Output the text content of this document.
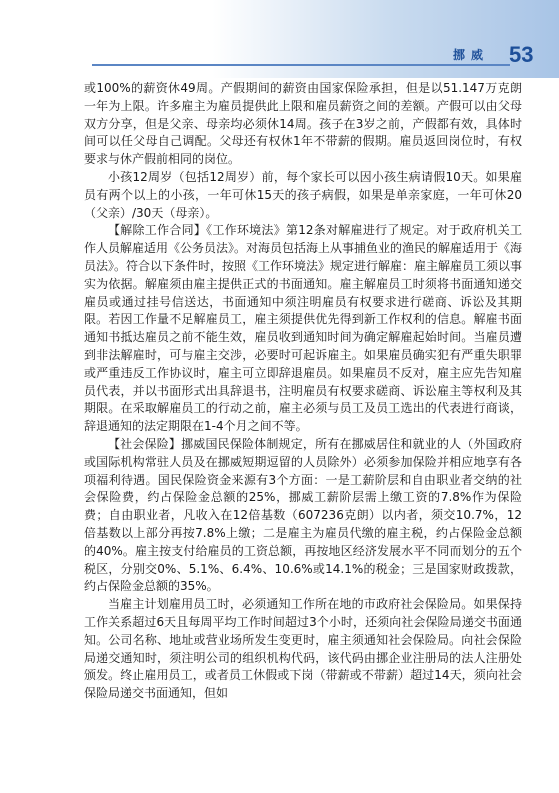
挪威 53

或100%的薪资休49周。产假期间的薪资由国家保险承担，但是以51.147万克朗一年为上限。许多雇主为雇员提供此上限和雇员薪资之间的差额。产假可以由父母双方分享，但是父亲、母亲均必须休14周。孩子在3岁之前，产假都有效，具体时间可以任父母自己调配。父母还有权休1年不带薪的假期。雇员返回岗位时，有权要求与休产假前相同的岗位。

小孩12周岁（包括12周岁）前，每个家长可以因小孩生病请假10天。如果雇员有两个以上的小孩，一年可休15天的孩子病假，如果是单亲家庭，一年可休20（父亲）/30天（母亲）。

【解除工作合同】《工作环境法》第12条对解雇进行了规定。对于政府机关工作人员解雇适用《公务员法》。对海员包括海上从事捕鱼业的渔民的解雇适用于《海员法》。符合以下条件时，按照《工作环境法》规定进行解雇：雇主解雇员工须以事实为依据。解雇须由雇主提供正式的书面通知。雇主解雇员工时须将书面通知递交雇员或通过挂号信送达，书面通知中须注明雇员有权要求进行磋商、诉讼及其期限。若因工作量不足解雇员工，雇主须提供优先得到新工作权利的信息。解雇书面通知书抵达雇员之前不能生效，雇员收到通知时间为确定解雇起始时间。当雇员遭到非法解雇时，可与雇主交涉，必要时可起诉雇主。如果雇员确实犯有严重失职罪或严重违反工作协议时，雇主可立即辞退雇员。如果雇员不反对，雇主应先告知雇员代表，并以书面形式出具辞退书，注明雇员有权要求磋商、诉讼雇主等权利及其期限。在采取解雇员工的行动之前，雇主必须与员工及员工选出的代表进行商谈，辞退通知的法定期限在1-4个月之间不等。

【社会保险】挪威国民保险体制规定，所有在挪威居住和就业的人（外国政府或国际机构常驻人员及在挪威短期逗留的人员除外）必须参加保险并相应地享有各项福利待遇。国民保险资金来源有3个方面：一是工薪阶层和自由职业者交纳的社会保险费，约占保险金总额的25%，挪威工薪阶层需上缴工资的7.8%作为保险费；自由职业者，凡收入在12倍基数（607236克朗）以内者，须交10.7%，12倍基数以上部分再按7.8%上缴；二是雇主为雇员代缴的雇主税，约占保险金总额的40%。雇主按支付给雇员的工资总额，再按地区经济发展水平不同而划分的五个税区，分别交0%、5.1%、6.4%、10.6%或14.1%的税金；三是国家财政拨款，约占保险金总额的35%。

当雇主计划雇用员工时，必须通知工作所在地的市政府社会保险局。如果保持工作关系超过6天且每周平均工作时间超过3个小时，还须向社会保险局递交书面通知。公司名称、地址或营业场所发生变更时，雇主须通知社会保险局。向社会保险局递交通知时，须注明公司的组织机构代码，该代码由挪企业注册局的法人注册处颁发。终止雇用员工，或者员工休假或下岗（带薪或不带薪）超过14天，须向社会保险局递交书面通知，但如
